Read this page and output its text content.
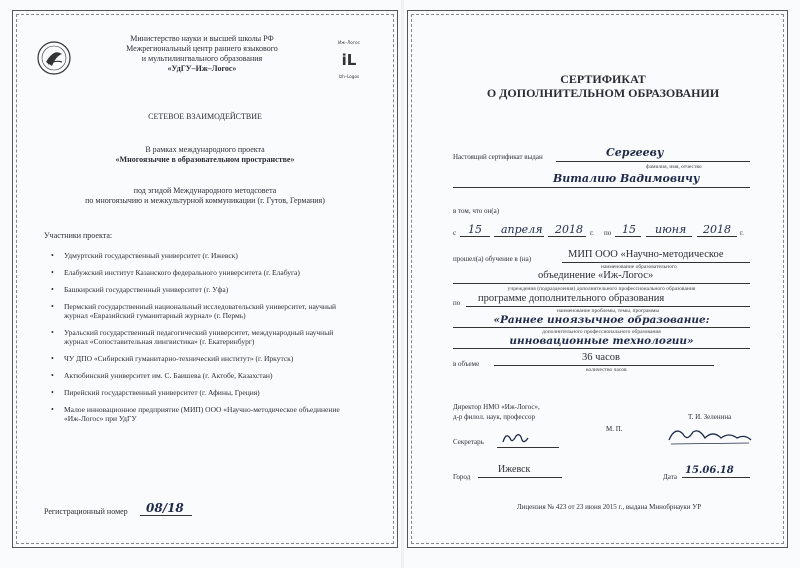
Министерство науки и высшей школы РФ
Межрегиональный центр раннего языкового
и мультилингвального образования
«УдГУ–Иж–Логос»
Иж–Логос
iL
Izh–Logos
СЕТЕВОЕ ВЗАИМОДЕЙСТВИЕ
В рамках международного проекта
«Многоязычие в образовательном пространстве»
под эгидой Международного методсовета
по многоязычию и межкультурной коммуникации (г. Гутов, Германия)
Участники проекта:
• Удмуртский государственный университет (г. Ижевск)
• Елабужский институт Казанского федерального университета (г. Елабуга)
• Башкирский государственный университет (г. Уфа)
• Пермский государственный национальный исследовательский университет, научный журнал «Евразийский гуманитарный журнал» (г. Пермь)
• Уральский государственный педагогический университет, международный научный журнал «Сопоставительная лингвистика» (г. Екатеринбург)
• ЧУ ДПО «Сибирский гуманитарно-технический институт» (г. Иркутск)
• Актюбинский университет им. С. Баишева (г. Актобе, Казахстан)
• Пирейский государственный университет (г. Афины, Греция)
• Малое инновационное предприятие (МИП) ООО «Научно-методическое объединение «Иж-Логос» при УдГУ
Регистрационный номер 08/18
СЕРТИФИКАТ
О ДОПОЛНИТЕЛЬНОМ ОБРАЗОВАНИИ
Настоящий сертификат выдан	Сергееву
фамилия, имя, отчество
Виталию Вадимовичу
в том, что он(а)
с 15 апреля 2018 г. по 15 июня 2018 г.
прошел(а) обучение в (на)	МИП ООО «Научно-методическое
наименование образовательного
объединение «Иж-Логос»
учреждения (подразделения) дополнительного профессионального образования
по программе дополнительного образования
наименование проблемы, темы, программы
«Раннее иноязычное образование:
дополнительного профессионального образования
инновационные технологии»
в объеме
36 часов
количество часов
Директор НМО «Иж-Логос»,
д-р филол. наук, профессор	Т. И. Зеленина
М. П.
Секретарь
Город
Ижевск
Дата
15.06.18
Лицензия № 423 от 23 июня 2015 г., выдана Минобрнауки УР
